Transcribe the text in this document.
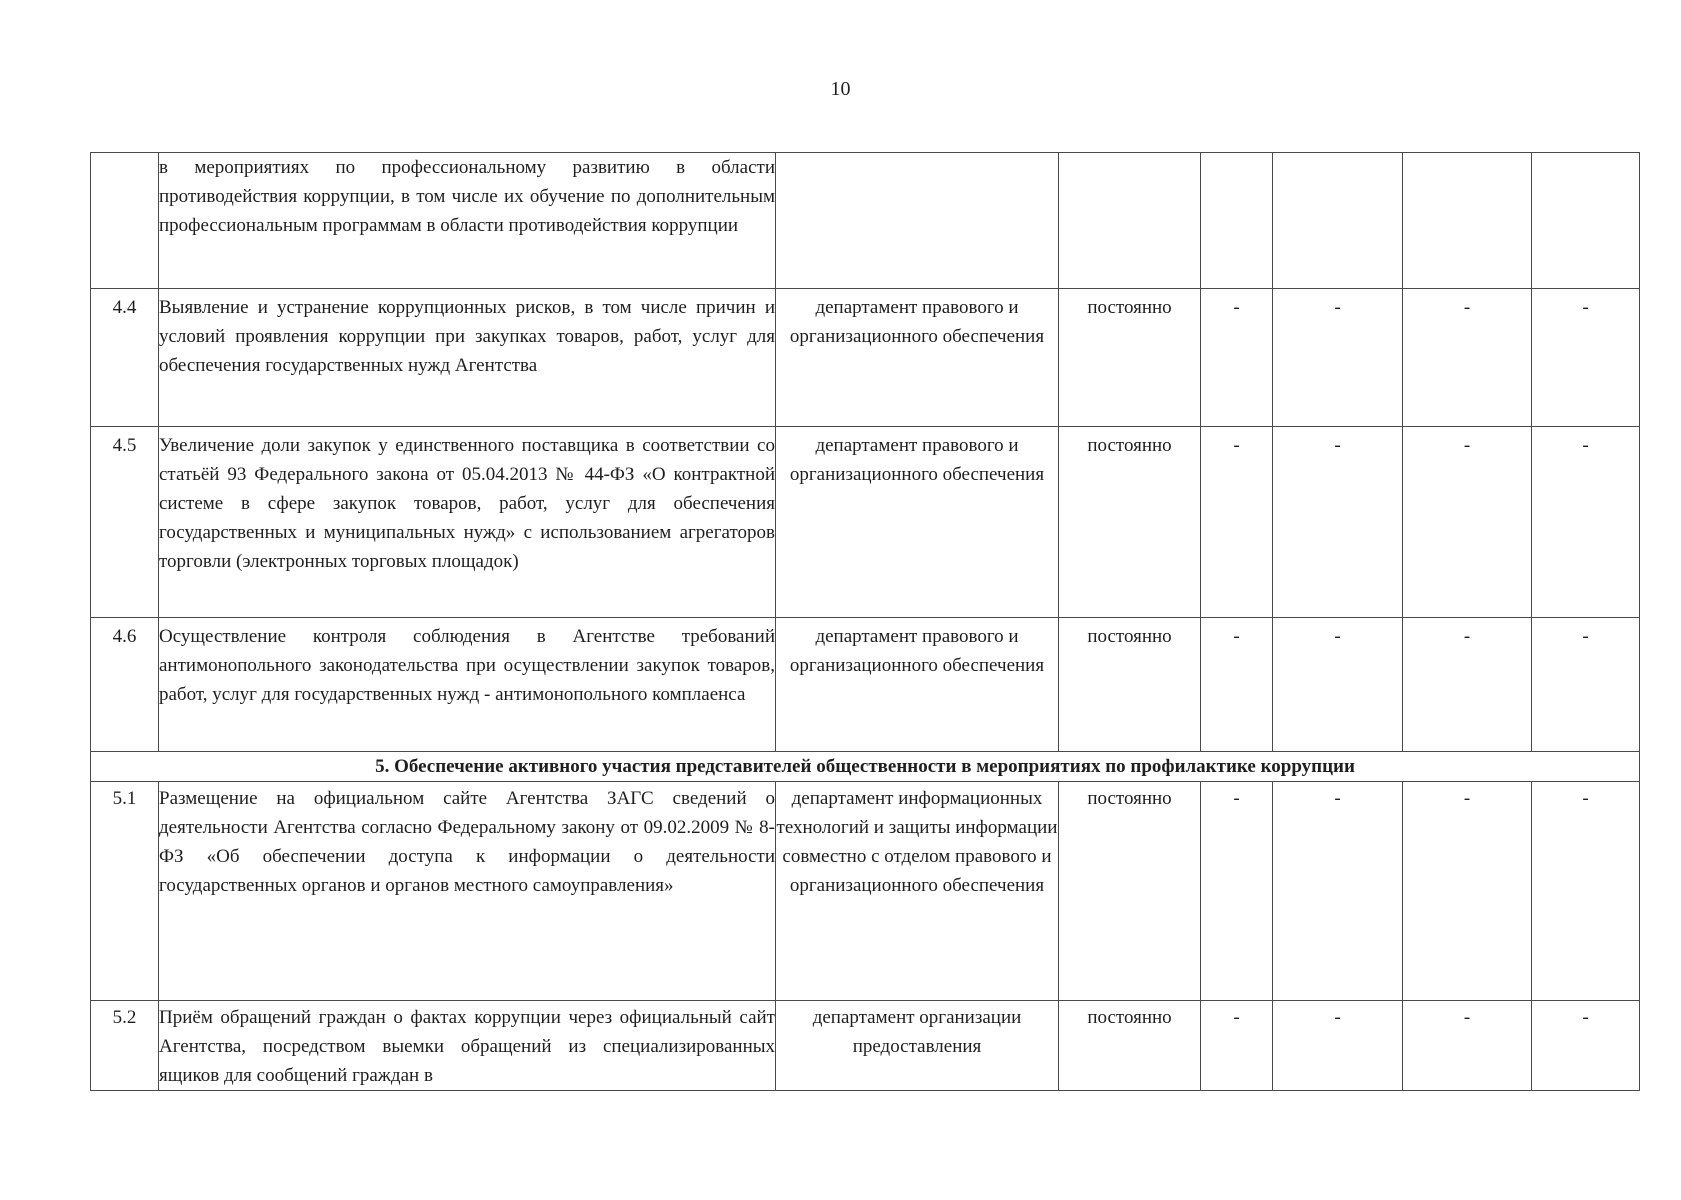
10
	в мероприятиях по профессиональному развитию в области противодействия коррупции, в том числе их обучение по дополнительным профессиональным программам в области противодействия коррупции						
4.4	Выявление и устранение коррупционных рисков, в том числе причин и условий проявления коррупции при закупках товаров, работ, услуг для обеспечения государственных нужд Агентства	департамент правового и организационного обеспечения	постоянно	-	-	-	-
4.5	Увеличение доли закупок у единственного поставщика в соответствии со статьёй 93 Федерального закона от 05.04.2013 № 44-ФЗ «О контрактной системе в сфере закупок товаров, работ, услуг для обеспечения государственных и муниципальных нужд» с использованием агрегаторов торговли (электронных торговых площадок)	департамент правового и организационного обеспечения	постоянно	-	-	-	-
4.6	Осуществление контроля соблюдения в Агентстве требований антимонопольного законодательства при осуществлении закупок товаров, работ, услуг для государственных нужд - антимонопольного комплаенса	департамент правового и организационного обеспечения	постоянно	-	-	-	-
5. Обеспечение активного участия представителей общественности в мероприятиях по профилактике коррупции							
5.1	Размещение на официальном сайте Агентства ЗАГС сведений о деятельности Агентства согласно Федеральному закону от 09.02.2009 № 8-ФЗ «Об обеспечении доступа к информации о деятельности государственных органов и органов местного самоуправления»	департамент информационных технологий и защиты информации совместно с отделом правового и организационного обеспечения	постоянно	-	-	-	-
5.2	Приём обращений граждан о фактах коррупции через официальный сайт Агентства, посредством выемки обращений из специализированных ящиков для сообщений граждан в	департамент организации предоставления	постоянно	-	-	-	-
